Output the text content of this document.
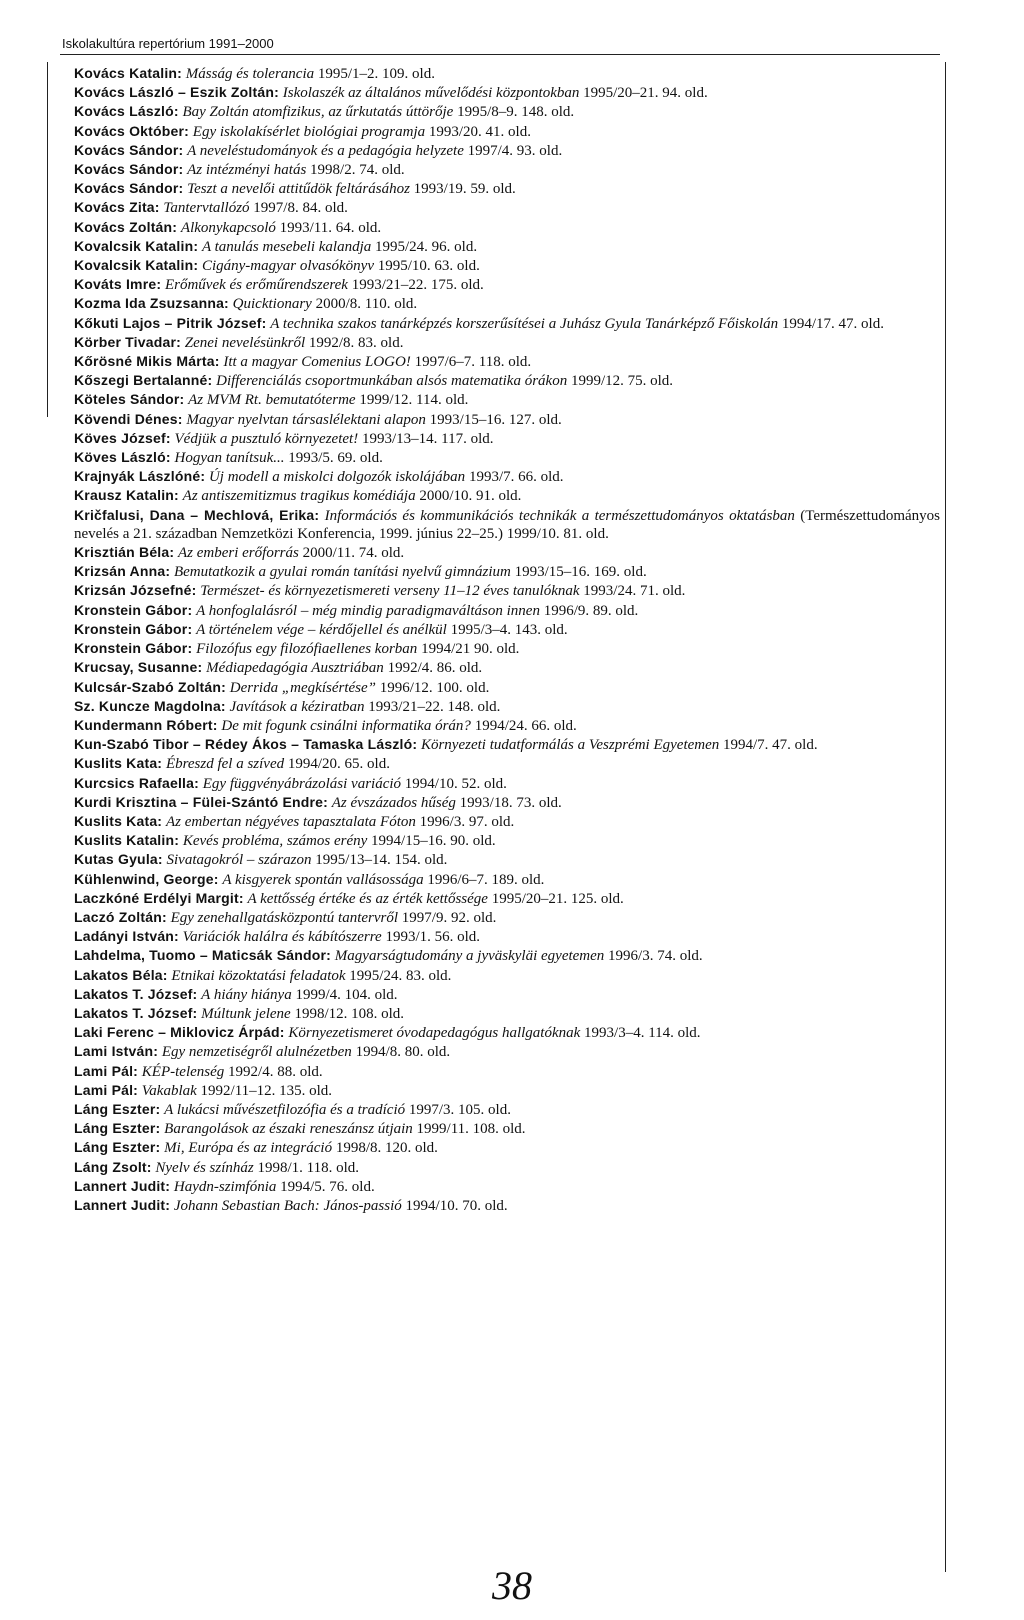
Iskolakultúra repertórium 1991–2000

Kovács Katalin: Másság és tolerancia 1995/1–2. 109. old.

Kovács László – Eszik Zoltán: Iskolaszék az általános művelődési központokban 1995/20–21. 94. old.

Kovács László: Bay Zoltán atomfizikus, az űrkutatás úttörője 1995/8–9. 148. old.

Kovács Október: Egy iskolakísérlet biológiai programja 1993/20. 41. old.

Kovács Sándor: A neveléstudományok és a pedagógia helyzete 1997/4. 93. old.

Kovács Sándor: Az intézményi hatás 1998/2. 74. old.

Kovács Sándor: Teszt a nevelői attitűdök feltárásához 1993/19. 59. old.

Kovács Zita: Tantervtallózó 1997/8. 84. old.

Kovács Zoltán: Alkonykapcsoló 1993/11. 64. old.

Kovalcsik Katalin: A tanulás mesebeli kalandja 1995/24. 96. old.

Kovalcsik Katalin: Cigány-magyar olvasókönyv 1995/10. 63. old.

Kováts Imre: Erőművek és erőműrendszerek 1993/21–22. 175. old.

Kozma Ida Zsuzsanna: Quicktionary 2000/8. 110. old.

Kőkuti Lajos – Pitrik József: A technika szakos tanárképzés korszerűsítései a Juhász Gyula Tanárképző Főiskolán 1994/17. 47. old.

Körber Tivadar: Zenei nevelésünkről 1992/8. 83. old.

Kőrösné Mikis Márta: Itt a magyar Comenius LOGO! 1997/6–7. 118. old.

Kőszegi Bertalanné: Differenciálás csoportmunkában alsós matematika órákon 1999/12. 75. old.

Köteles Sándor: Az MVM Rt. bemutatóterme 1999/12. 114. old.

Kövendi Dénes: Magyar nyelvtan társaslélektani alapon 1993/15–16. 127. old.

Köves József: Védjük a pusztuló környezetet! 1993/13–14. 117. old.

Köves László: Hogyan tanítsuk... 1993/5. 69. old.

Krajnyák Lászlóné: Új modell a miskolci dolgozók iskolájában 1993/7. 66. old.

Krausz Katalin: Az antiszemitizmus tragikus komédiája 2000/10. 91. old.

Kričfalusi, Dana – Mechlová, Erika: Információs és kommunikációs technikák a természettudományos oktatásban (Természettudományos nevelés a 21. században Nemzetközi Konferencia, 1999. június 22–25.) 1999/10. 81. old.

Krisztián Béla: Az emberi erőforrás 2000/11. 74. old.

Krizsán Anna: Bemutatkozik a gyulai román tanítási nyelvű gimnázium 1993/15–16. 169. old.

Krizsán Józsefné: Természet- és környezetismereti verseny 11–12 éves tanulóknak 1993/24. 71. old.

Kronstein Gábor: A honfoglalásról – még mindig paradigmaváltáson innen 1996/9. 89. old.

Kronstein Gábor: A történelem vége – kérdőjellel és anélkül 1995/3–4. 143. old.

Kronstein Gábor: Filozófus egy filozófiaellenes korban 1994/21 90. old.

Krucsay, Susanne: Médiapedagógia Ausztriában 1992/4. 86. old.

Kulcsár-Szabó Zoltán: Derrida „megkísértése” 1996/12. 100. old.

Sz. Kuncze Magdolna: Javítások a kéziratban 1993/21–22. 148. old.

Kundermann Róbert: De mit fogunk csinálni informatika órán? 1994/24. 66. old.

Kun-Szabó Tibor – Rédey Ákos – Tamaska László: Környezeti tudatformálás a Veszprémi Egyetemen 1994/7. 47. old.

Kuslits Kata: Ébreszd fel a szíved 1994/20. 65. old.

Kurcsics Rafaella: Egy függvényábrázolási variáció 1994/10. 52. old.

Kurdi Krisztina – Fülei-Szántó Endre: Az évszázados hűség 1993/18. 73. old.

Kuslits Kata: Az embertan négyéves tapasztalata Fóton 1996/3. 97. old.

Kuslits Katalin: Kevés probléma, számos erény 1994/15–16. 90. old.

Kutas Gyula: Sivatagokról – szárazon 1995/13–14. 154. old.

Kühlenwind, George: A kisgyerek spontán vallásossága 1996/6–7. 189. old.

Laczkóné Erdélyi Margit: A kettősség értéke és az érték kettőssége 1995/20–21. 125. old.

Laczó Zoltán: Egy zenehallgatásközpontú tantervről 1997/9. 92. old.

Ladányi István: Variációk halálra és kábítószerre 1993/1. 56. old.

Lahdelma, Tuomo – Maticsák Sándor: Magyarságtudomány a jyväskyläi egyetemen 1996/3. 74. old.

Lakatos Béla: Etnikai közoktatási feladatok 1995/24. 83. old.

Lakatos T. József: A hiány hiánya 1999/4. 104. old.

Lakatos T. József: Múltunk jelene 1998/12. 108. old.

Laki Ferenc – Miklovicz Árpád: Környezetismeret óvodapedagógus hallgatóknak 1993/3–4. 114. old.

Lami István: Egy nemzetiségről alulnézetben 1994/8. 80. old.

Lami Pál: KÉP-telenség 1992/4. 88. old.

Lami Pál: Vakablak 1992/11–12. 135. old.

Láng Eszter: A lukácsi művészetfilozófia és a tradíció 1997/3. 105. old.

Láng Eszter: Barangolások az északi reneszánsz útjain 1999/11. 108. old.

Láng Eszter: Mi, Európa és az integráció 1998/8. 120. old.

Láng Zsolt: Nyelv és színház 1998/1. 118. old.

Lannert Judit: Haydn-szimfónia 1994/5. 76. old.

Lannert Judit: Johann Sebastian Bach: János-passió 1994/10. 70. old.

38
